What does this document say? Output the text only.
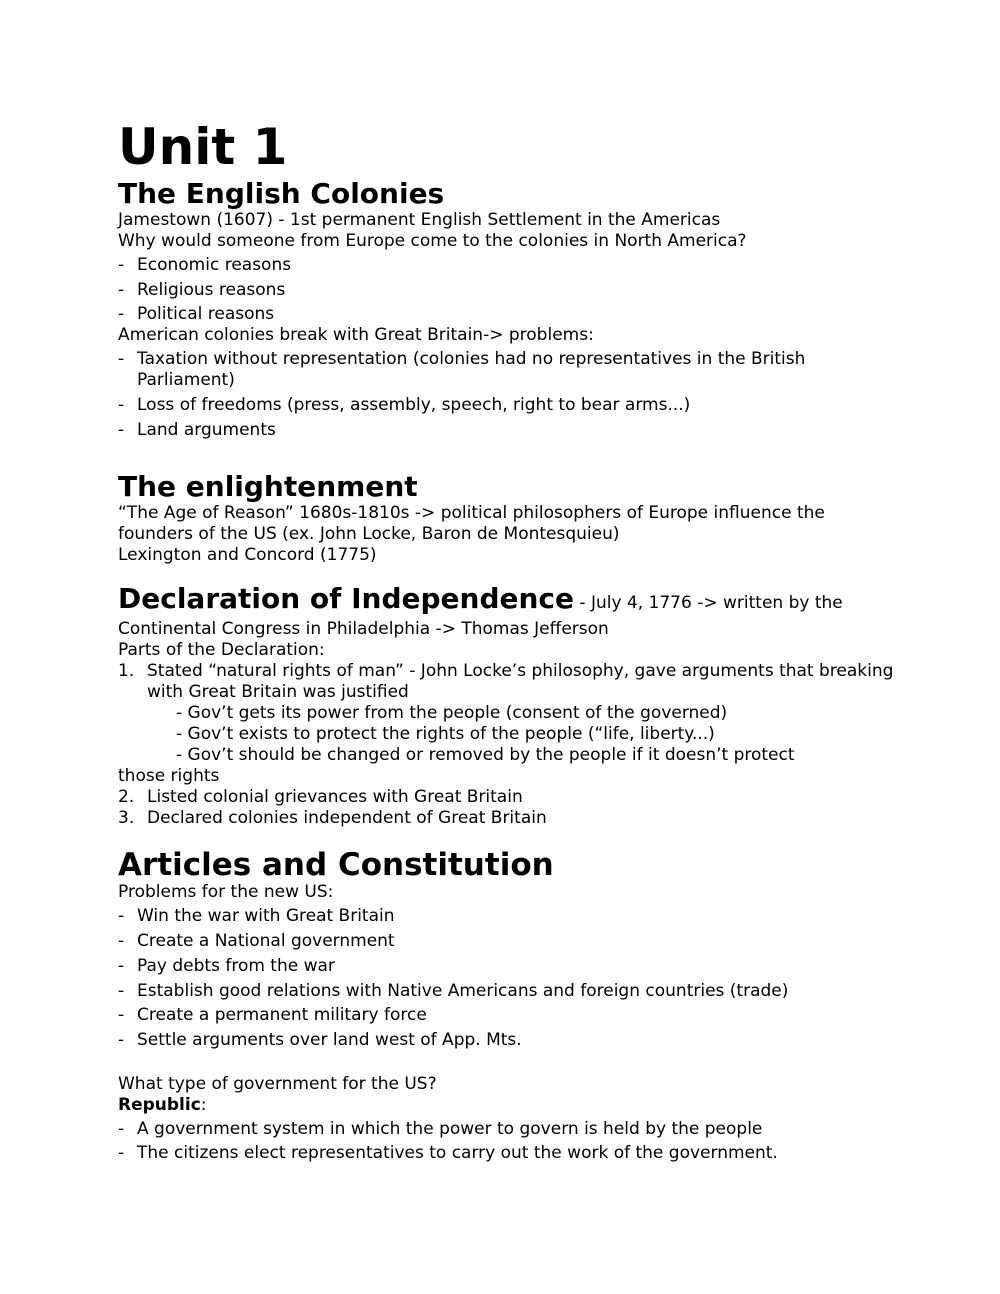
Unit 1
The English Colonies

Jamestown (1607) - 1st permanent English Settlement in the Americas

Why would someone from Europe come to the colonies in North America?

- Economic reasons
- Religious reasons
- Political reasons

American colonies break with Great Britain-> problems:

- Taxation without representation (colonies had no representatives in the British Parliament)
- Loss of freedoms (press, assembly, speech, right to bear arms...)
- Land arguments
The enlightenment

“The Age of Reason” 1680s-1810s -> political philosophers of Europe influence the founders of the US (ex. John Locke, Baron de Montesquieu)

Lexington and Concord (1775)

Declaration of Independence - July 4, 1776 -> written by the

Continental Congress in Philadelphia -> Thomas Jefferson

Parts of the Declaration:

1. Stated “natural rights of man” - John Locke’s philosophy, gave arguments that breaking with Great Britain was justified

- Gov’t gets its power from the people (consent of the governed)

- Gov’t exists to protect the rights of the people (“life, liberty...)

- Gov’t should be changed or removed by the people if it doesn’t protect

those rights

2. Listed colonial grievances with Great Britain
3. Declared colonies independent of Great Britain
Articles and Constitution

Problems for the new US:

- Win the war with Great Britain
- Create a National government
- Pay debts from the war
- Establish good relations with Native Americans and foreign countries (trade)
- Create a permanent military force
- Settle arguments over land west of App. Mts.

What type of government for the US?

Republic:

- A government system in which the power to govern is held by the people
- The citizens elect representatives to carry out the work of the government.
